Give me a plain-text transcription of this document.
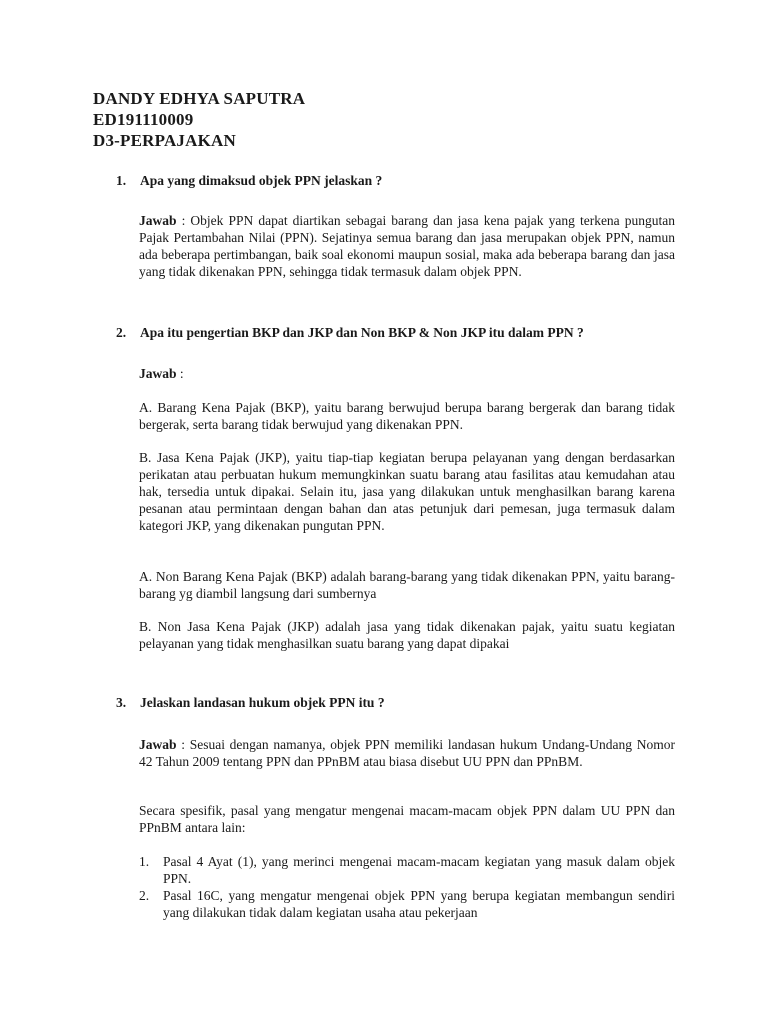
DANDY EDHYA SAPUTRA
ED191110009
D3-PERPAJAKAN
1. Apa yang dimaksud objek PPN jelaskan ?
Jawab : Objek PPN dapat diartikan sebagai barang dan jasa kena pajak yang terkena pungutan Pajak Pertambahan Nilai (PPN). Sejatinya semua barang dan jasa merupakan objek PPN, namun ada beberapa pertimbangan, baik soal ekonomi maupun sosial, maka ada beberapa barang dan jasa yang tidak dikenakan PPN, sehingga tidak termasuk dalam objek PPN.
2. Apa itu pengertian BKP dan JKP dan Non BKP & Non JKP itu dalam PPN ?
Jawab :
A. Barang Kena Pajak (BKP), yaitu barang berwujud berupa barang bergerak dan barang tidak bergerak, serta barang tidak berwujud yang dikenakan PPN.
B. Jasa Kena Pajak (JKP), yaitu tiap-tiap kegiatan berupa pelayanan yang dengan berdasarkan perikatan atau perbuatan hukum memungkinkan suatu barang atau fasilitas atau kemudahan atau hak, tersedia untuk dipakai. Selain itu, jasa yang dilakukan untuk menghasilkan barang karena pesanan atau permintaan dengan bahan dan atas petunjuk dari pemesan, juga termasuk dalam kategori JKP, yang dikenakan pungutan PPN.
A. Non Barang Kena Pajak (BKP) adalah barang-barang yang tidak dikenakan PPN, yaitu barang-barang yg diambil langsung dari sumbernya
B. Non Jasa Kena Pajak (JKP) adalah jasa yang tidak dikenakan pajak, yaitu suatu kegiatan pelayanan yang tidak menghasilkan suatu barang yang dapat dipakai
3. Jelaskan landasan hukum objek PPN itu ?
Jawab : Sesuai dengan namanya, objek PPN memiliki landasan hukum Undang-Undang Nomor 42 Tahun 2009 tentang PPN dan PPnBM atau biasa disebut UU PPN dan PPnBM.
Secara spesifik, pasal yang mengatur mengenai macam-macam objek PPN dalam UU PPN dan PPnBM antara lain:
1. Pasal 4 Ayat (1), yang merinci mengenai macam-macam kegiatan yang masuk dalam objek PPN.
2. Pasal 16C, yang mengatur mengenai objek PPN yang berupa kegiatan membangun sendiri yang dilakukan tidak dalam kegiatan usaha atau pekerjaan
